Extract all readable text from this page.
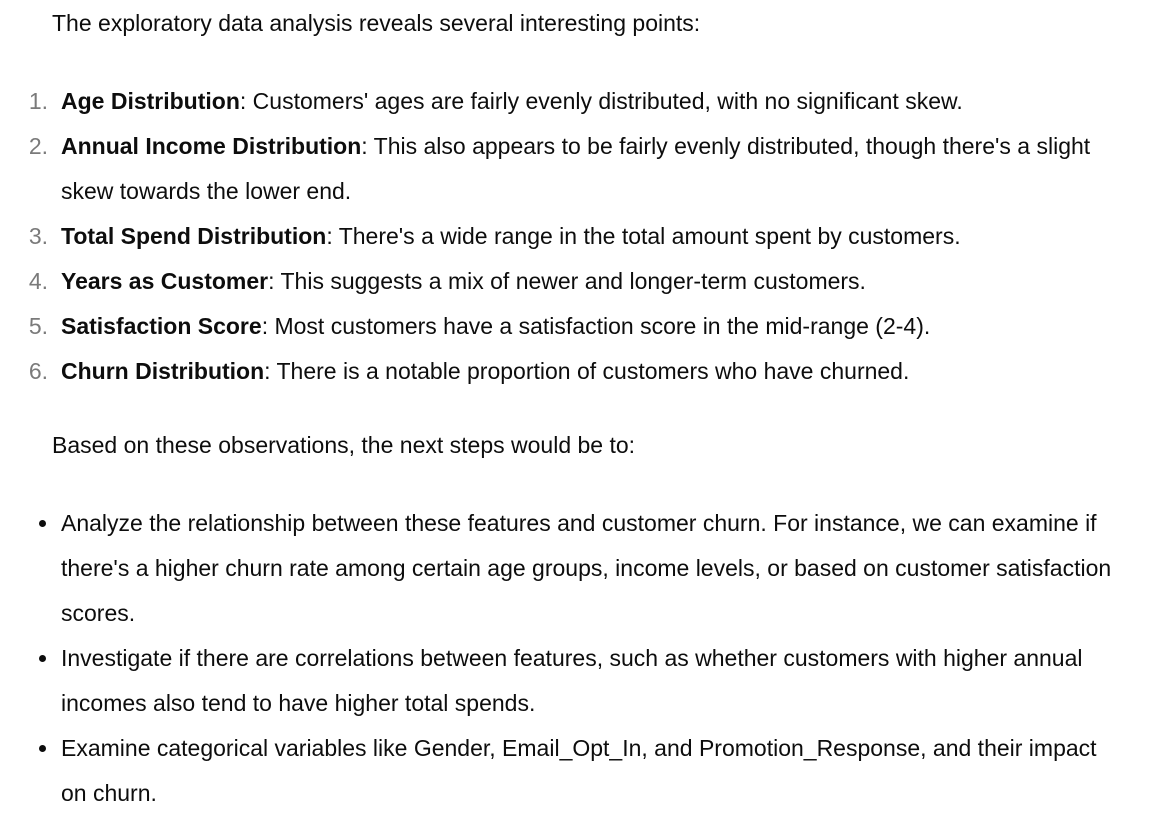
The exploratory data analysis reveals several interesting points:

1. Age Distribution: Customers' ages are fairly evenly distributed, with no significant skew.
2. Annual Income Distribution: This also appears to be fairly evenly distributed, though there's a slight skew towards the lower end.
3. Total Spend Distribution: There's a wide range in the total amount spent by customers.
4. Years as Customer: This suggests a mix of newer and longer-term customers.
5. Satisfaction Score: Most customers have a satisfaction score in the mid-range (2-4).
6. Churn Distribution: There is a notable proportion of customers who have churned.

Based on these observations, the next steps would be to:

Analyze the relationship between these features and customer churn. For instance, we can examine if there's a higher churn rate among certain age groups, income levels, or based on customer satisfaction scores.
Investigate if there are correlations between features, such as whether customers with higher annual incomes also tend to have higher total spends.
Examine categorical variables like Gender, Email_Opt_In, and Promotion_Response, and their impact on churn.
